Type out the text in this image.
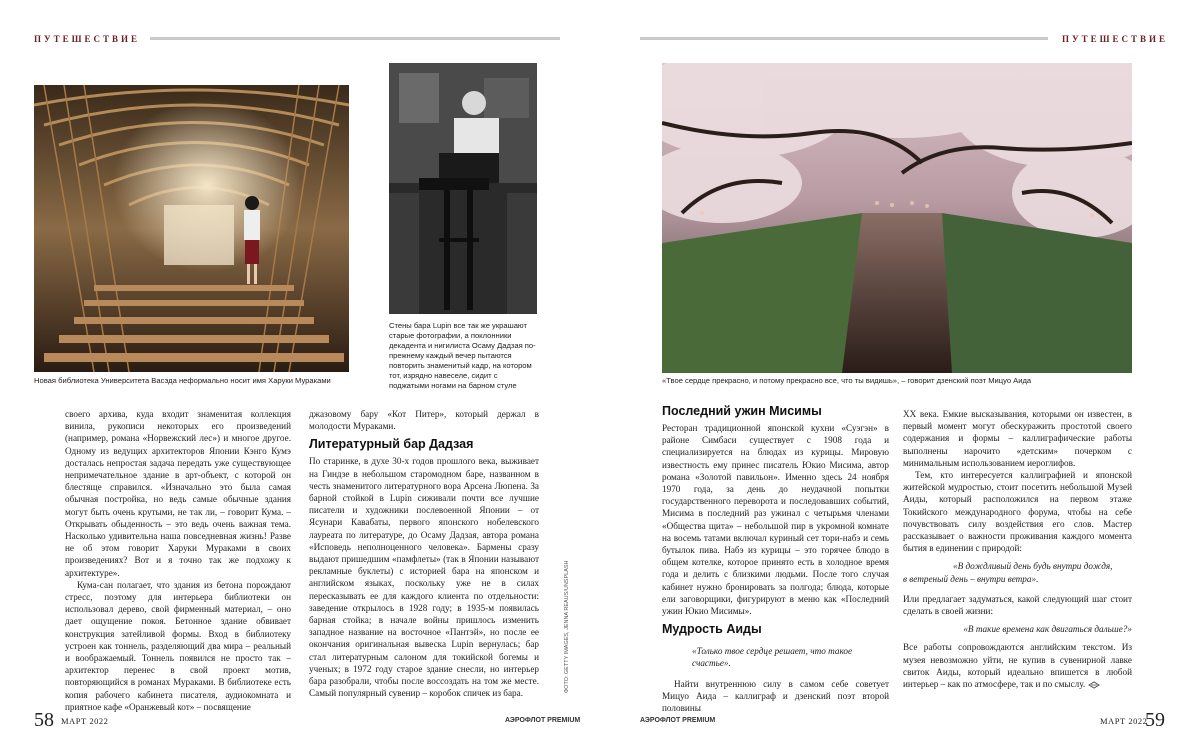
ПУТЕШЕСТВИЕ	ПУТЕШЕСТВИЕ
Новая библиотека Университета Васэда неформально носит имя Харуки Мураками
Стены бара Lupin все так же украшают старые фотографии, а поклонники декадента и нигилиста Осаму Дадзая по-прежнему каждый вечер пытаются повторить знаменитый кадр, на котором тот, изрядно навеселе, сидит с поджатыми ногами на барном стуле
«Твое сердце прекрасно, и потому прекрасно все, что ты видишь», – говорит дзенский поэт Мицуо Аида

своего архива, куда входит знаменитая коллекция винила, рукописи некоторых его произведений (например, романа «Норвежский лес») и многое другое. Одному из ведущих архитекторов Японии Кэнго Кумэ досталась непростая задача передать уже существующее непримечательное здание в арт-объект, с которой он блестяще справился. «Изначально это была самая обычная постройка, но ведь самые обычные здания могут быть очень крутыми, не так ли, – говорит Кума. – Открывать обыденность – это ведь очень важная тема. Насколько удивительна наша повседневная жизнь! Разве не об этом говорит Харуки Мураками в своих произведениях? Вот и я точно так же подхожу к архитектуре».

Кума-сан полагает, что здания из бетона порождают стресс, поэтому для интерьера библиотеки он использовал дерево, свой фирменный материал, – оно дает ощущение покоя. Бетонное здание обвивает конструкция затейливой формы. Вход в библиотеку устроен как тоннель, разделяющий два мира – реальный и воображаемый. Тоннель появился не просто так – архитектор перенес в свой проект мотив, повторяющийся в романах Мураками. В библиотеке есть копия рабочего кабинета писателя, аудиокомната и приятное кафе «Оранжевый кот» – посвящение

джазовому бару «Кот Питер», который держал в молодости Мураками.

Литературный бар Дадзая

По старинке, в духе 30-х годов прошлого века, выживает на Гиндзе в небольшом старомодном баре, названном в честь знаменитого литературного вора Арсена Люпена. За барной стойкой в Lupin сиживали почти все лучшие писатели и художники послевоенной Японии – от Ясунари Кавабаты, первого японского нобелевского лауреата по литературе, до Осаму Дадзая, автора романа «Исповедь неполноценного человека». Бармены сразу выдают пришедшим «памфлеты» (так в Японии называют рекламные буклеты) с историей бара на японском и английском языках, поскольку уже не в силах пересказывать ее для каждого клиента по отдельности: заведение открылось в 1928 году; в 1935-м появилась барная стойка; в начале войны пришлось изменить западное название на восточное «Пантэй», но после ее окончания оригинальная вывеска Lupin вернулась; бар стал литературным салоном для токийской богемы и ученых; в 1972 году старое здание снесли, но интерьер бара разобрали, чтобы после воссоздать на том же месте. Самый популярный сувенир – коробок спичек из бара.

ФОТО: GETTY IMAGES, JENNA REAUS/UNSPLASH
Последний ужин Мисимы

Ресторан традиционной японской кухни «Суэгэн» в районе Симбаси существует с 1908 года и специализируется на блюдах из курицы. Мировую известность ему принес писатель Юкио Мисима, автор романа «Золотой павильон». Именно здесь 24 ноября 1970 года, за день до неудачной попытки государственного переворота и последовавших событий, Мисима в последний раз ужинал с четырьмя членами «Общества щита» – небольшой пир в укромной комнате на восемь татами включал куриный сет тори-набэ и семь бутылок пива. Набэ из курицы – это горячее блюдо в общем котелке, которое принято есть в холодное время года и делить с близкими людьми. После того случая кабинет нужно бронировать за полгода; блюда, которые ели заговорщики, фигурируют в меню как «Последний ужин Юкио Мисимы».

Мудрость Аиды

«Только твое сердце решает, что такое счастье».

Найти внутреннюю силу в самом себе советует Мицуо Аида – каллиграф и дзенский поэт второй половины

XX века. Емкие высказывания, которыми он известен, в первый момент могут обескуражить простотой своего содержания и формы – каллиграфические работы выполнены нарочито «детским» почерком с минимальным использованием иероглифов.

Тем, кто интересуется каллиграфией и японской житейской мудростью, стоит посетить небольшой Музей Аиды, который расположился на первом этаже Токийского международного форума, чтобы на себе почувствовать силу воздействия его слов. Мастер рассказывает о важности проживания каждого момента бытия в единении с природой:

«В дождливый день будь внутри дождя,
в ветреный день – внутри ветра».

Или предлагает задуматься, какой следующий шаг стоит сделать в своей жизни:

«В такие времена как двигаться дальше?»

Все работы сопровождаются английским текстом. Из музея невозможно уйти, не купив в сувенирной лавке свиток Аиды, который идеально впишется в любой интерьер – как по атмосфере, так и по смыслу.

58 МАРТ 2022	АЭРОФЛОТ PREMIUM	АЭРОФЛОТ PREMIUM	МАРТ 2022
59
